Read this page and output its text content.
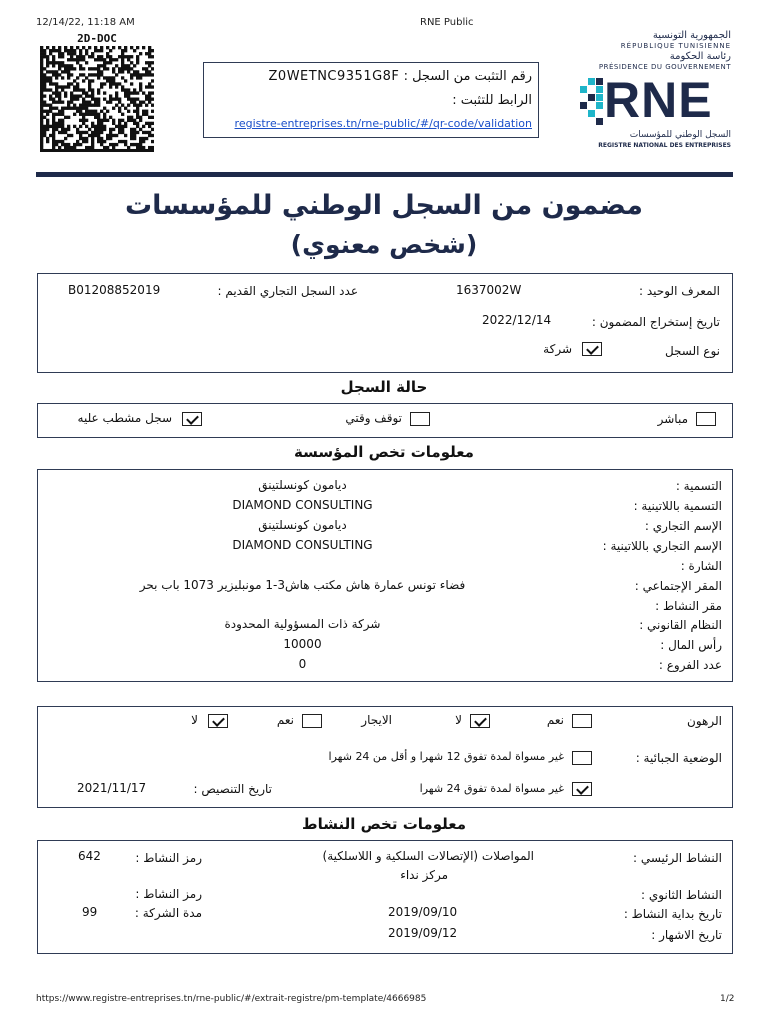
12/14/22, 11:18 AM	RNE Public
2D-DOC
رقم التثبت من السجل : Z0WETNC9351G8F
الرابط للتثبت :
registre-entreprises.tn/rne-public/#/qr-code/validation
الجمهورية التونسية
RÉPUBLIQUE TUNISIENNE
رئاسة الحكومة
PRÉSIDENCE DU GOUVERNEMENT
RNE
السجل الوطني للمؤسسات
REGISTRE NATIONAL DES ENTREPRISES
مضمون من السجل الوطني للمؤسسات
(شخص معنوي)
المعرف الوحيد :
1637002W
عدد السجل التجاري القديم :
B01208852019
تاريخ إستخراج المضمون :
2022/12/14
نوع السجل
شركة
حالة السجل
مباشر
توقف وقتي
سجل مشطب عليه
معلومات تخص المؤسسة
التسمية :
ديامون كونسلتينق
التسمية باللاتينية :
DIAMOND CONSULTING
الإسم التجاري :
ديامون كونسلتينق
الإسم التجاري باللاتينية :
DIAMOND CONSULTING
الشارة :
المقر الإجتماعي :
فضاء تونس عمارة هاش مكتب هاش3-1 مونبليزير 1073 باب بحر
مقر النشاط :
النظام القانوني :
شركة ذات المسؤولية المحدودة
رأس المال :
10000
عدد الفروع :
0
الرهون
نعم
لا
الايجار
نعم
لا
الوضعية الجبائية :
غير مسواة لمدة تفوق 12 شهرا و أقل من 24 شهرا
غير مسواة لمدة تفوق 24 شهرا
تاريخ التنصيص :
2021/11/17
معلومات تخص النشاط
النشاط الرئيسي :
المواصلات (الإتصالات السلكية و اللاسلكية)
مركز نداء
رمز النشاط :
642
النشاط الثانوي :
رمز النشاط :
تاريخ بداية النشاط :
2019/09/10
مدة الشركة :
99
تاريخ الاشهار :
2019/09/12
https://www.registre-entreprises.tn/rne-public/#/extrait-registre/pm-template/4666985	1/2
